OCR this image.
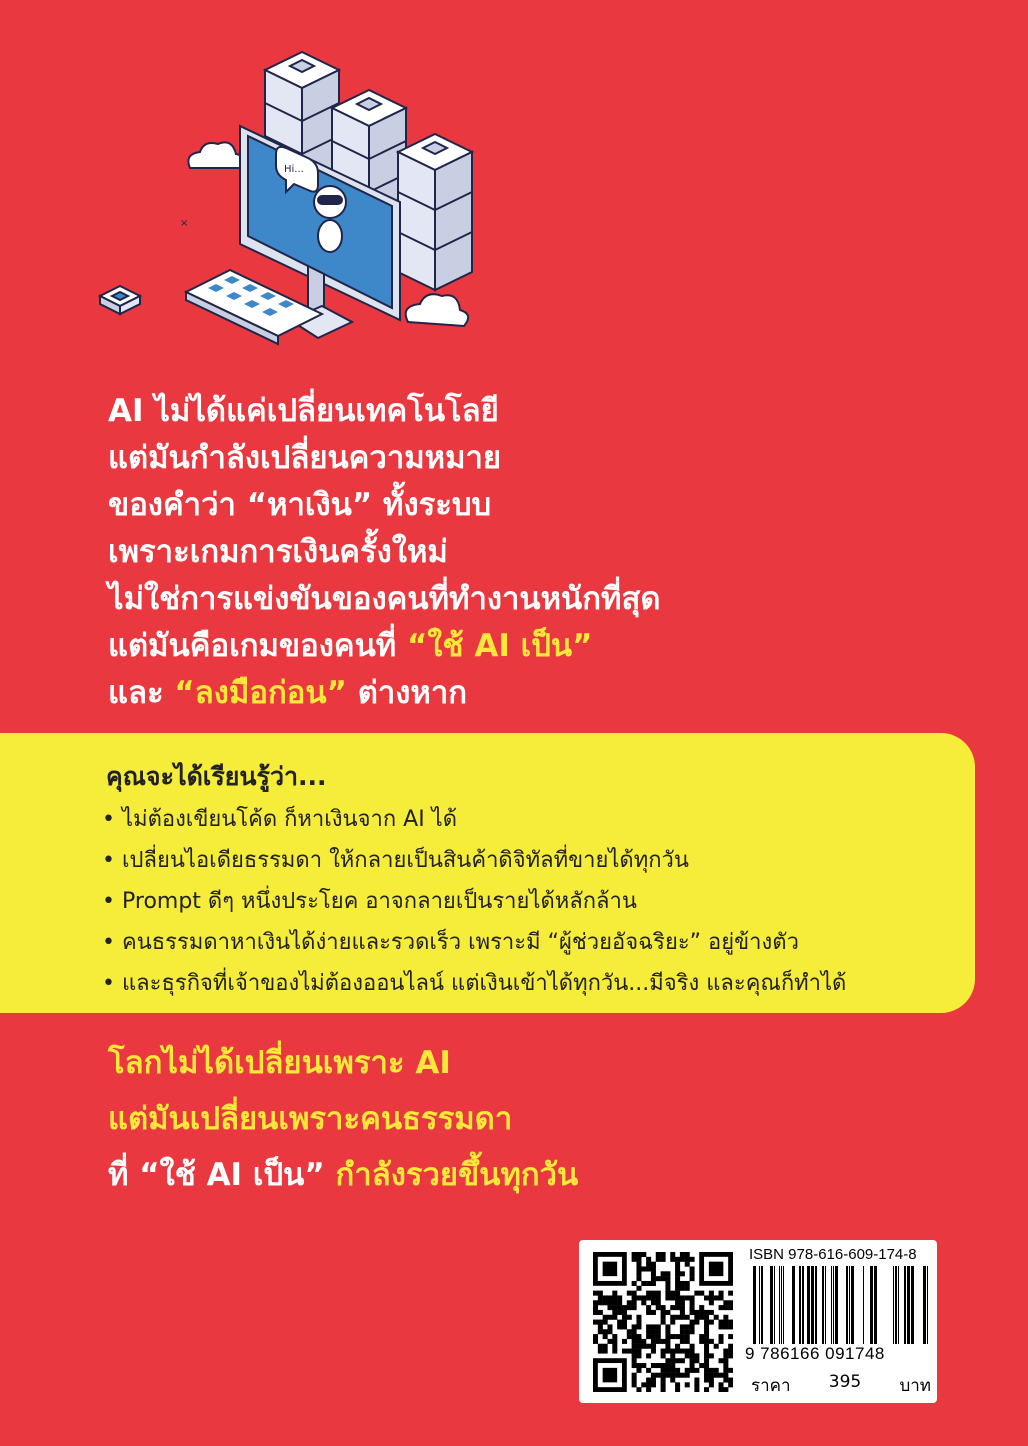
Hi...
×
AI ไม่ได้แค่เปลี่ยนเทคโนโลยี
แต่มันกำลังเปลี่ยนความหมาย
ของคำว่า “หาเงิน” ทั้งระบบ
เพราะเกมการเงินครั้งใหม่
ไม่ใช่การแข่งขันของคนที่ทำงานหนักที่สุด
แต่มันคือเกมของคนที่ “ใช้ AI เป็น”
และ “ลงมือก่อน” ต่างหาก
คุณจะได้เรียนรู้ว่า...
• ไม่ต้องเขียนโค้ด ก็หาเงินจาก AI ได้
• เปลี่ยนไอเดียธรรมดา ให้กลายเป็นสินค้าดิจิทัลที่ขายได้ทุกวัน
• Prompt ดีๆ หนึ่งประโยค อาจกลายเป็นรายได้หลักล้าน
• คนธรรมดาหาเงินได้ง่ายและรวดเร็ว เพราะมี “ผู้ช่วยอัจฉริยะ” อยู่ข้างตัว
• และธุรกิจที่เจ้าของไม่ต้องออนไลน์ แต่เงินเข้าได้ทุกวัน...มีจริง และคุณก็ทำได้
โลกไม่ได้เปลี่ยนเพราะ AI
แต่มันเปลี่ยนเพราะคนธรรมดา
ที่ “ใช้ AI เป็น” กำลังรวยขึ้นทุกวัน
ISBN 978-616-609-174-8
9 786166 091748
ราคา 395 บาท
